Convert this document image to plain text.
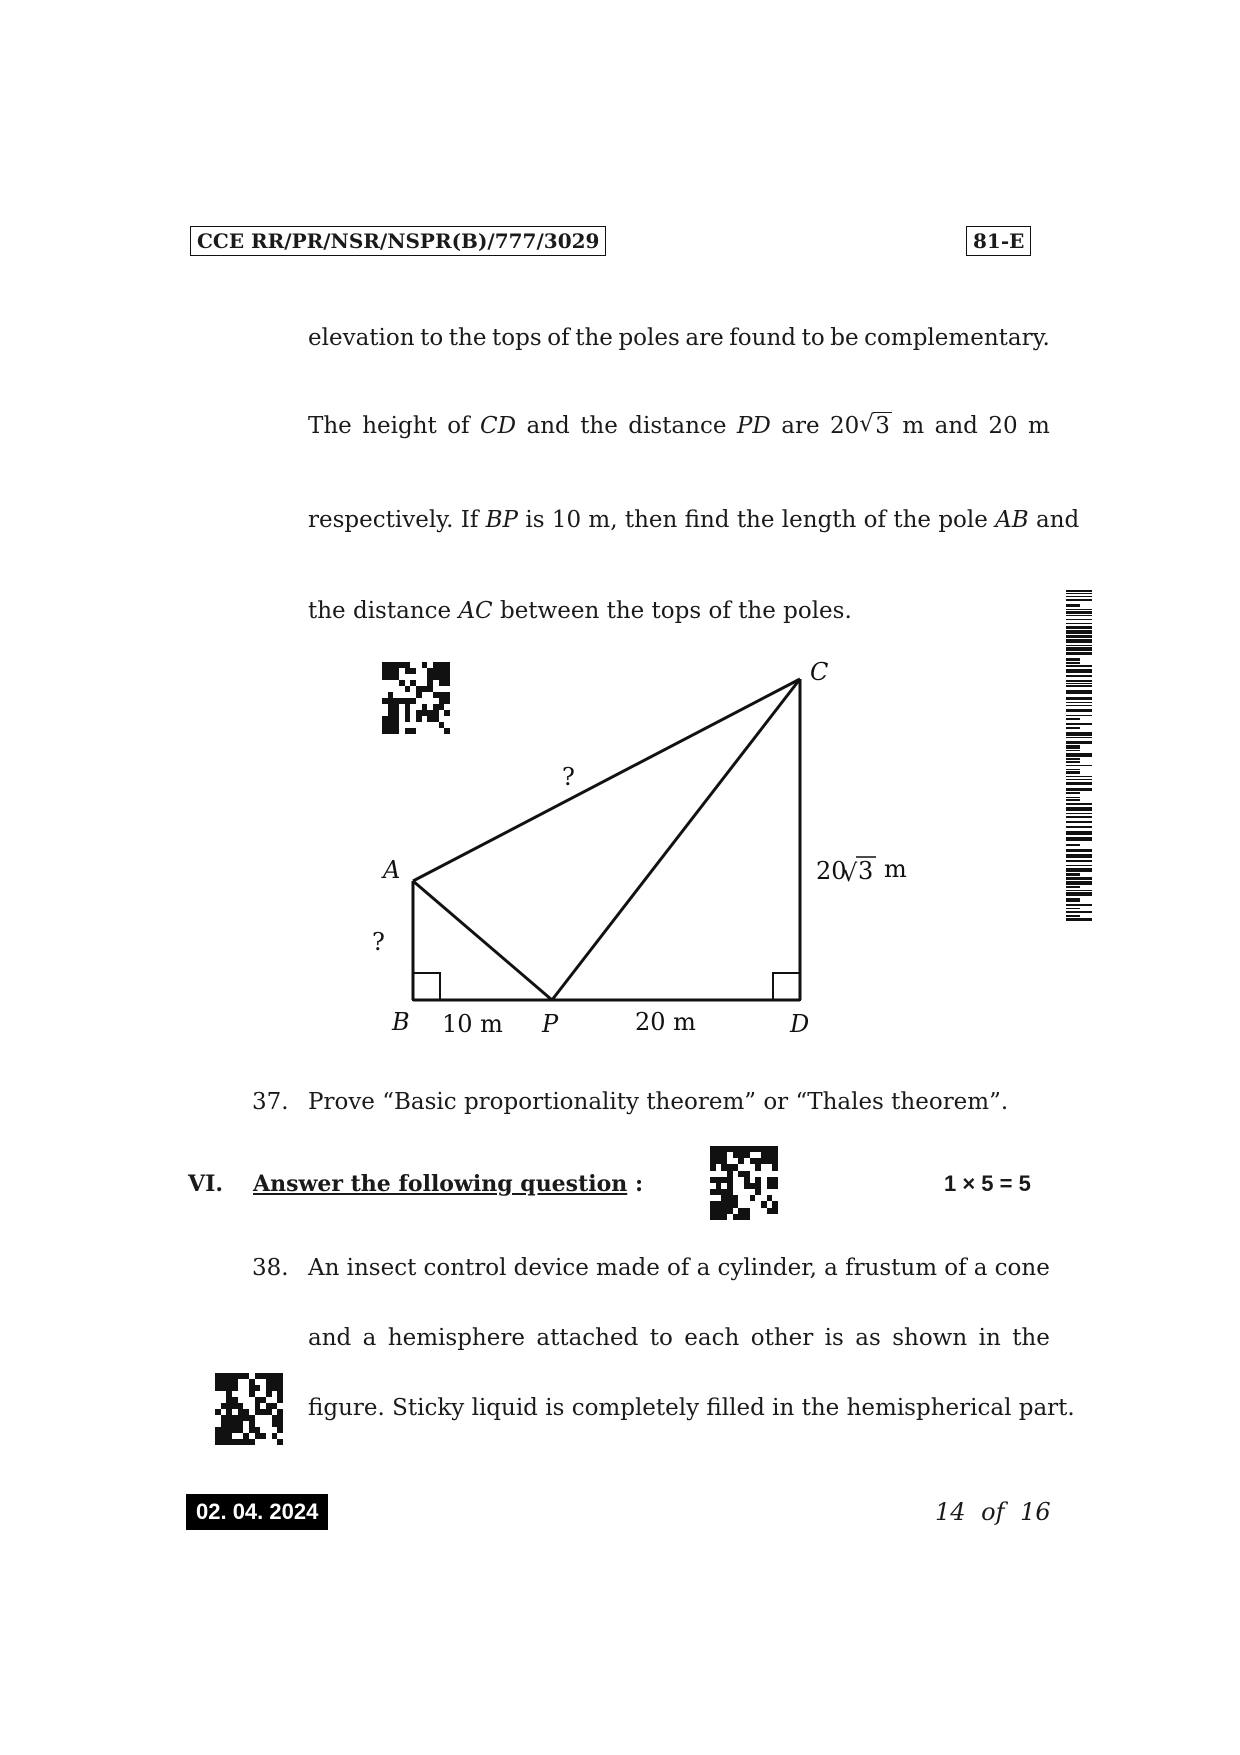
CCE RR/PR/NSR/NSPR(B)/777/3029	81-E
elevation to the tops of the poles are found to be complementary.
The height of CD and the distance PD are 20√ 3 m and 20 m
respectively. If BP is 10 m, then find the length of the pole AB and
the distance AC between the tops of the poles.
C
A
B	P	D
?
?
10 m	20 m
20
√ 3 m
37. Prove “Basic proportionality theorem” or “Thales theorem”.
VI. Answer the following question :	1 × 5 = 5
38. An insect control device made of a cylinder, a frustum of a cone
and a hemisphere attached to each other is as shown in the
figure. Sticky liquid is completely filled in the hemispherical part.
02. 04. 2024	14 of 16
